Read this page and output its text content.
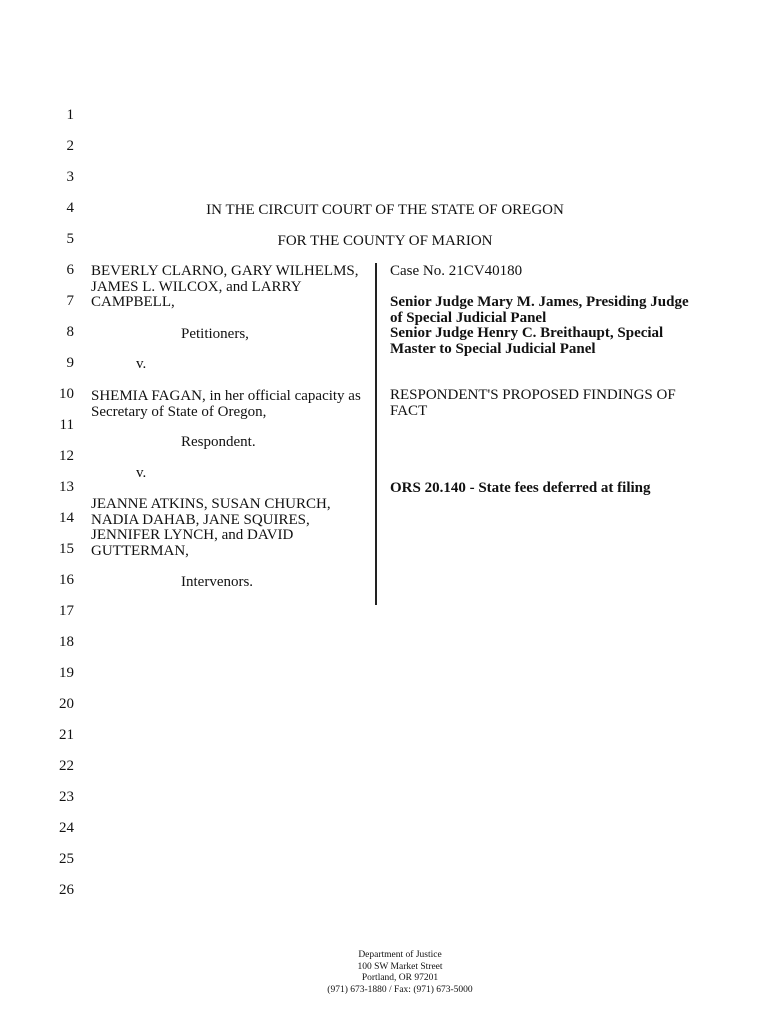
1
2
3
4
5
6
7
8
9
10
11
12
13
14
15
16
17
18
19
20
21
22
23
24
25
26
IN THE CIRCUIT COURT OF THE STATE OF OREGON
FOR THE COUNTY OF MARION
BEVERLY CLARNO, GARY WILHELMS,
JAMES L. WILCOX, and LARRY
CAMPBELL,
Petitioners,
v.
SHEMIA FAGAN, in her official capacity as
Secretary of State of Oregon,
Respondent.
v.
JEANNE ATKINS, SUSAN CHURCH,
NADIA DAHAB, JANE SQUIRES,
JENNIFER LYNCH, and DAVID
GUTTERMAN,
Intervenors.
Case No. 21CV40180
Senior Judge Mary M. James, Presiding Judge
of Special Judicial Panel
Senior Judge Henry C. Breithaupt, Special
Master to Special Judicial Panel
RESPONDENT'S PROPOSED FINDINGS OF
FACT
ORS 20.140 - State fees deferred at filing
Department of Justice
100 SW Market Street
Portland, OR 97201
(971) 673-1880 / Fax: (971) 673-5000
